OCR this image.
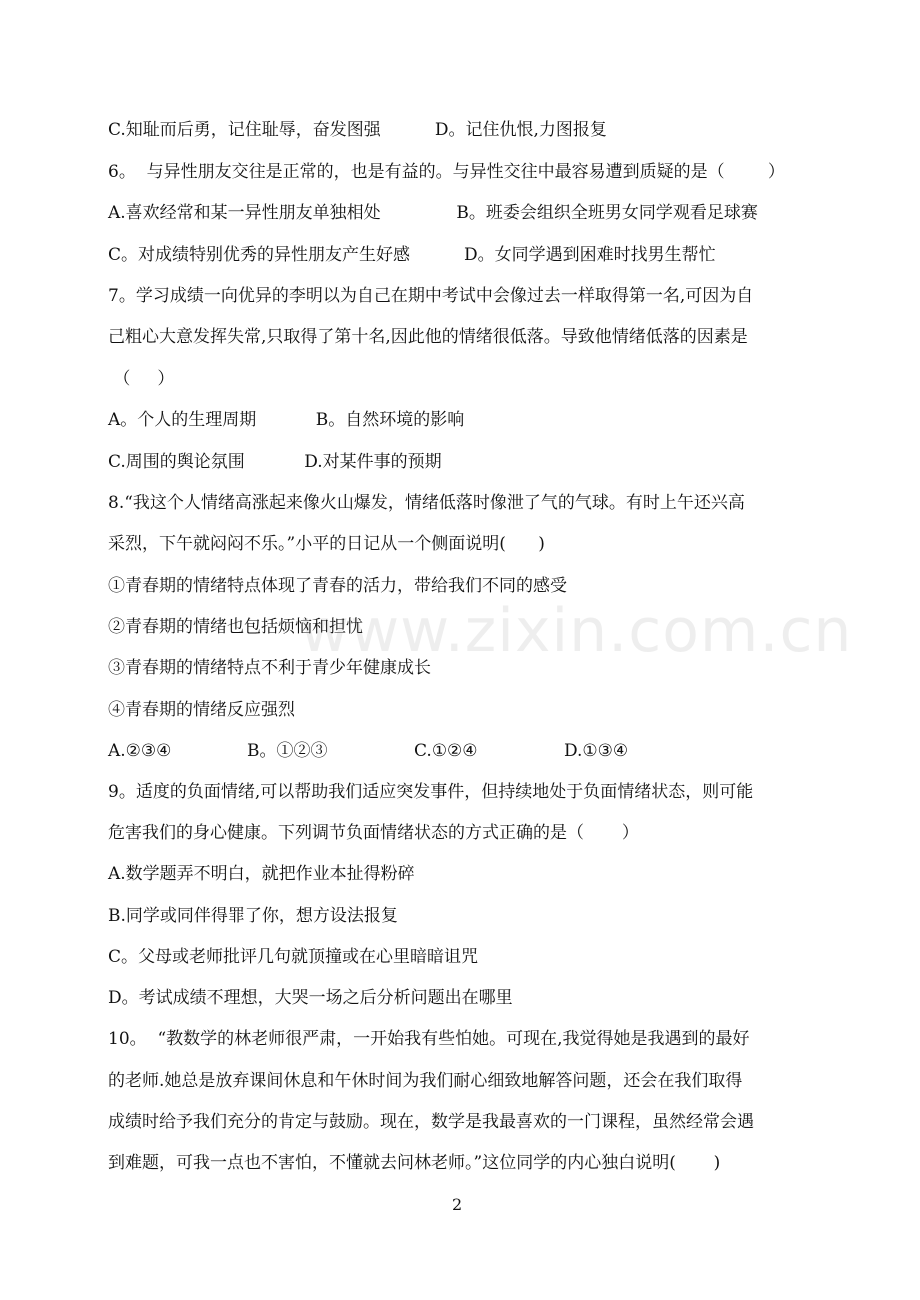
C.知耻而后勇，记住耻辱，奋发图强          D。记住仇恨,力图报复
6。  与异性朋友交往是正常的，也是有益的。与异性交往中最容易遭到质疑的是（        ）
A.喜欢经常和某一异性朋友单独相处              B。班委会组织全班男女同学观看足球赛
C。对成绩特别优秀的异性朋友产生好感          D。女同学遇到困难时找男生帮忙
7。学习成绩一向优异的李明以为自己在期中考试中会像过去一样取得第一名,可因为自
己粗心大意发挥失常,只取得了第十名,因此他的情绪很低落。导致他情绪低落的因素是
（     ）
A。个人的生理周期           B。自然环境的影响
C.周围的舆论氛围           D.对某件事的预期
8.“我这个人情绪高涨起来像火山爆发，情绪低落时像泄了气的气球。有时上午还兴高
采烈，下午就闷闷不乐。”小平的日记从一个侧面说明(      )
①青春期的情绪特点体现了青春的活力，带给我们不同的感受
②青春期的情绪也包括烦恼和担忧
③青春期的情绪特点不利于青少年健康成长
④青春期的情绪反应强烈
A.②③④              B。①②③                C.①②④                D.①③④
9。适度的负面情绪,可以帮助我们适应突发事件，但持续地处于负面情绪状态，则可能
危害我们的身心健康。下列调节负面情绪状态的方式正确的是（       ）
A.数学题弄不明白，就把作业本扯得粉碎
B.同学或同伴得罪了你，想方设法报复
C。父母或老师批评几句就顶撞或在心里暗暗诅咒
D。考试成绩不理想，大哭一场之后分析问题出在哪里
10。  “教数学的林老师很严肃，一开始我有些怕她。可现在,我觉得她是我遇到的最好
的老师.她总是放弃课间休息和午休时间为我们耐心细致地解答问题，还会在我们取得
成绩时给予我们充分的肯定与鼓励。现在，数学是我最喜欢的一门课程，虽然经常会遇
到难题，可我一点也不害怕，不懂就去问林老师。”这位同学的内心独白说明(       )
www.zixin.com.cn
2
